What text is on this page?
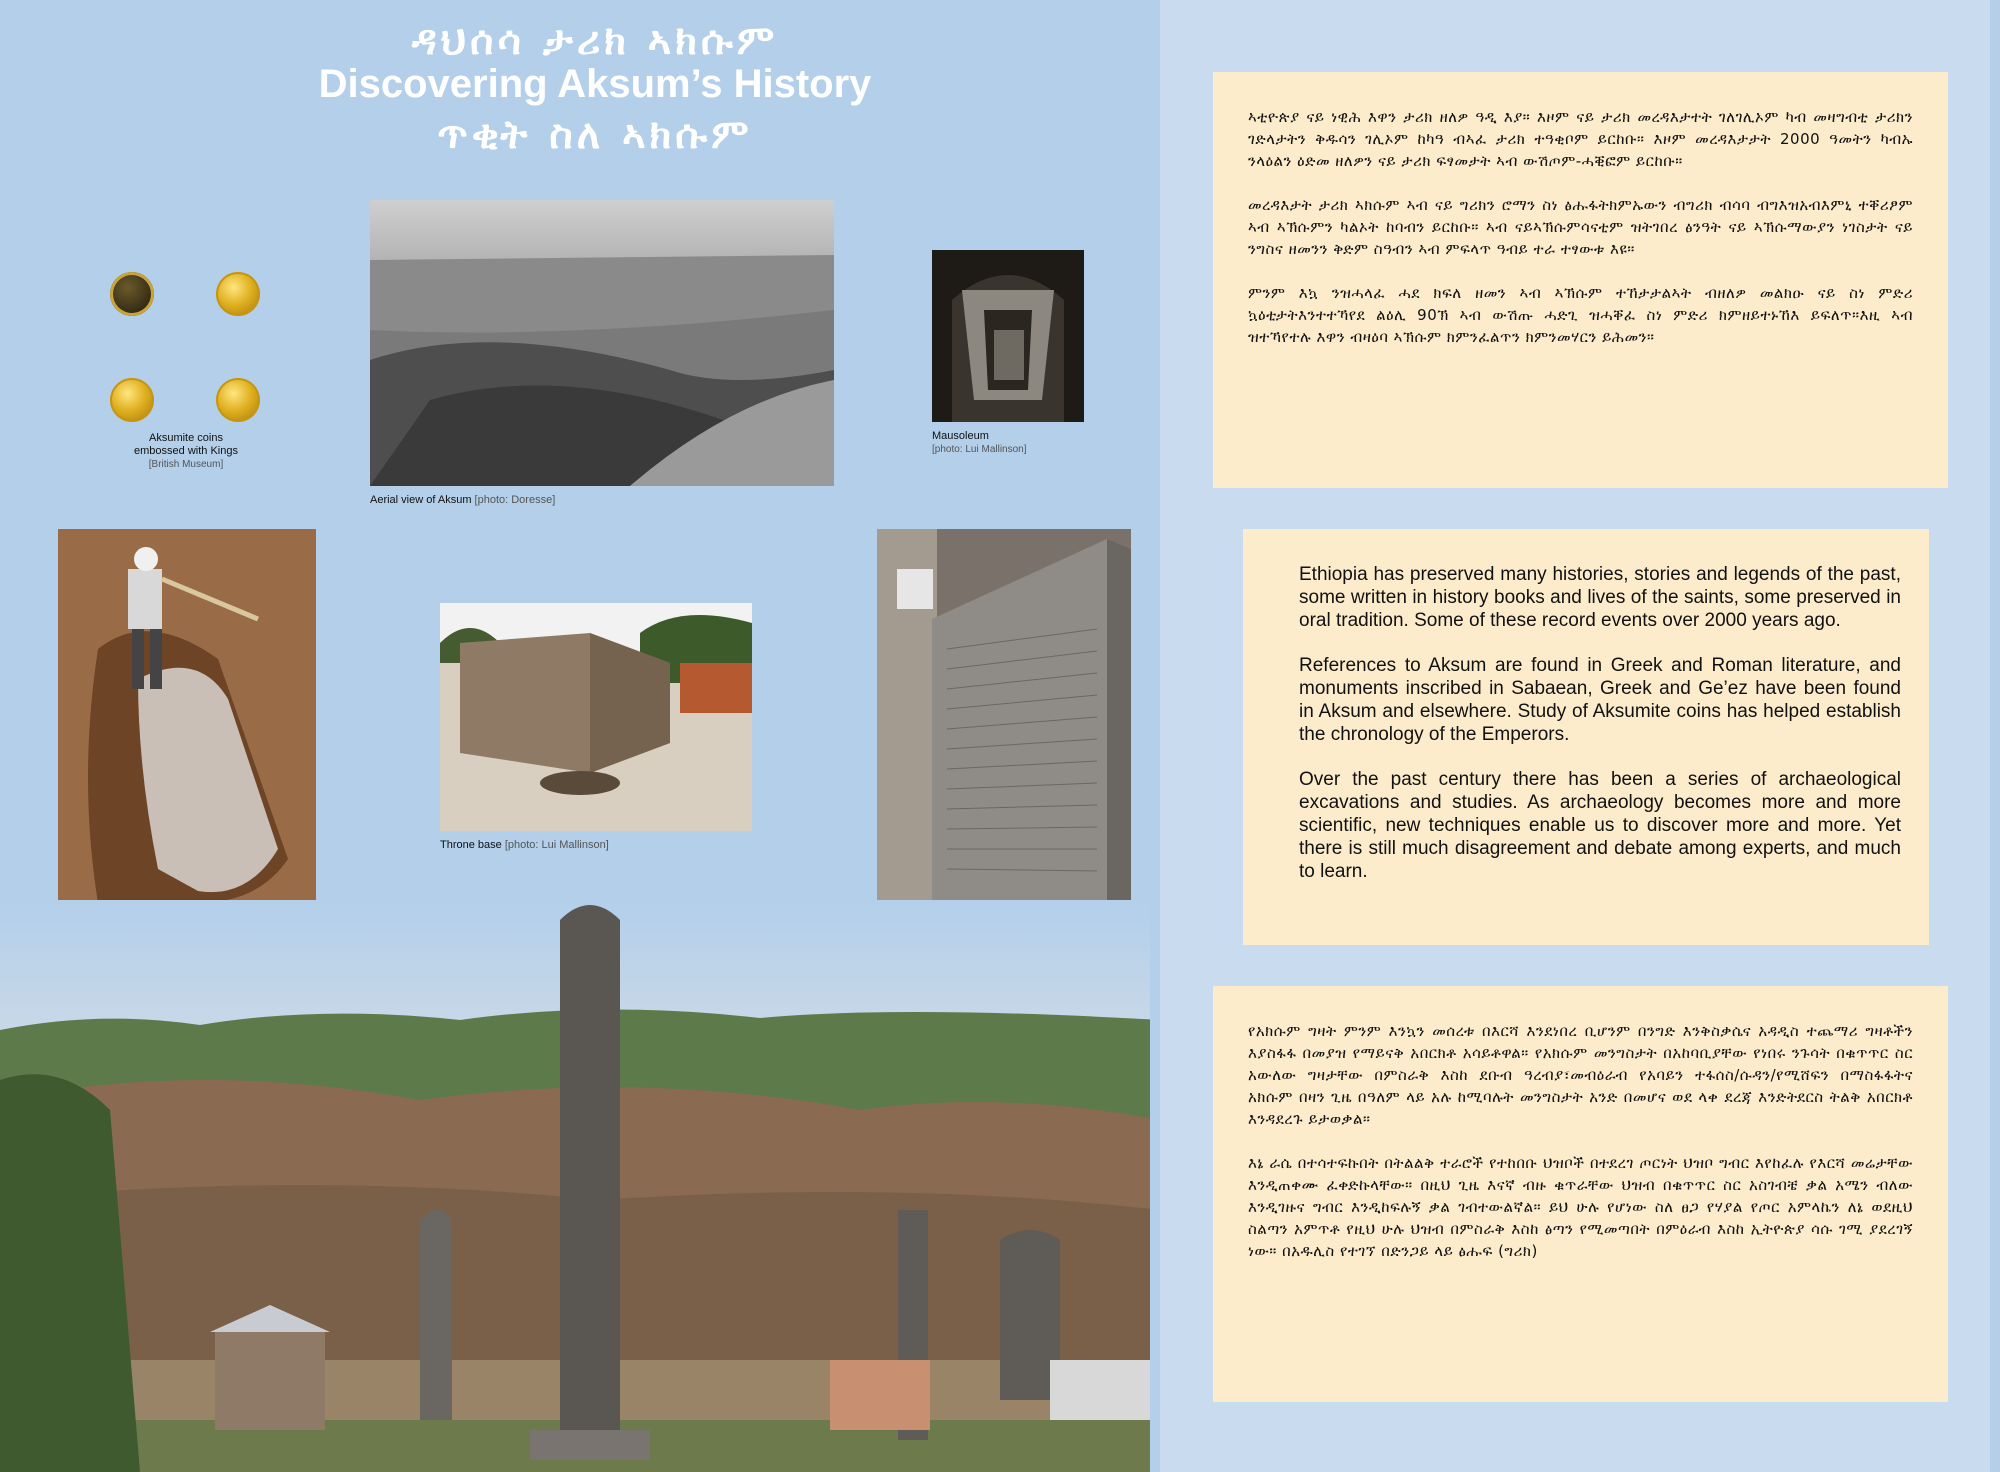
ዳህሰሳ ታሪክ ኣክሱም
Discovering Aksum’s History
ጥቂት ስለ ኣክሱም
Aksumite coins
embossed with Kings
[British Museum]
Aerial view of Aksum [photo: Doresse]
Mausoleum
[photo: Lui Mallinson]
Throne base [photo: Lui Mallinson]

ኣቲዮጵያ ናይ ነዊሕ እዋን ታሪክ ዘለዎ ዓዲ እያ። እዞም ናይ ታሪክ መረዳእታተት ገለገሊኦም ካብ መዛግብቲ ታሪክን ገድላታትን ቅዱሳን ገሊኦም ከካዓ ብኣፈ ታሪክ ተዓቂቦም ይርከቡ። እዞም መረዳእታታት 2000 ዓመትን ካብኡ ንላዕልን ዕድመ ዘለዎን ናይ ታሪክ ፍፃመታት ኣብ ውሽጦም-ሓቒፎም ይርከቡ።

መረዳእታት ታሪክ ኣክሱም ኣብ ናይ ግሪክን ሮማን ስነ ፅሑፋትክምኡውን ብግሪክ ብሳባ ብግእዝአብእምኒ ተቐሪፆም ኣብ ኣኽሱምን ካልኦት ከባብን ይርከቡ። ኣብ ናይኣኽሱምሳናቲም ዝትገበረ ፅንዓት ናይ ኣኽሱማውያን ነገስታት ናይ ንግስና ዘመንን ቅድም ስዓብን ኣብ ምፍላጥ ዓብይ ተራ ተፃውቱ እዩ።

ምንም እኳ ንዝሓላፈ ሓደ ክፍለ ዘመን ኣብ ኣኽሱም ተኸታታልኣት ብዘለዎ መልክዑ ናይ ስነ ምድሪ ኳዕቲታትእንተተኻየደ ልዕሊ 90ኽ ኣብ ውሽጡ ሓድጊ ዝሓቐፈ ስነ ምድሪ ክምዘይተኑኸእ ይፍለጥ።እዚ ኣብ ዝተኻየተሉ እዋን ብዛዕባ ኣኽሱም ክምንፈልጥን ክምንመሃርን ይሕመን።

Ethiopia has preserved many histories, stories and legends of the past, some written in history books and lives of the saints, some preserved in oral tradition. Some of these record events over 2000 years ago.

References to Aksum are found in Greek and Roman literature, and monuments inscribed in Sabaean, Greek and Ge’ez have been found in Aksum and elsewhere. Study of Aksumite coins has helped establish the chronology of the Emperors.

Over the past century there has been a series of archaeological excavations and studies. As archaeology becomes more and more scientific, new techniques enable us to discover more and more. Yet there is still much disagreement and debate among experts, and much to learn.

የአክሱም ግዛት ምንም እንኳን መሰረቱ በእርሻ እንደነበረ ቢሆንም በንግድ እንቅስቃሴና አዳዲስ ተጨማሪ ግዛቶችን እያስፋፋ በመያዝ የማይናቅ አበርክቶ አሳይቶዋል። የአክሱም መንግስታት በአከባቢያቸው የነበሩ ንጉሳት በቁጥጥር ስር አውለው ግዛታቸው በምስራቅ እስከ ደቡብ ዓረብያ፣መብዕራብ የአባይን ተፋሰስ/ሱዳን/የሚሸፍን በማስፋፋትና አክሱም በዛን ጊዜ በዓለም ላይ አሉ ከሚባሉት መንግስታት አንድ በመሆና ወደ ላቀ ደረጃ እንድትደርስ ትልቅ አበርክቶ እንዳደረጉ ይታወቃል።

እኔ ራሴ በተሳተፍኩበት በትልልቅ ተራሮች የተከበቡ ህዝቦች በተደረገ ጦርነት ህዝቦ ግብር እየከፈሉ የእርሻ መሬታቸው እንዲጠቀሙ ፈቀድኩላቸው። በዚህ ጊዜ እናኛ ብዙ ቁጥራቸው ህዝብ በቁጥጥር ስር አስገብቼ ቃል አሜን ብለው እንዲገዙና ግብር እንዲከፍሉኝ ቃል ገብተውልኛል። ይህ ሁሉ የሆነው ስለ ፀጋ የሃያል የጦር አምላኬን ለኔ ወደዚህ ስልጣን አምጥቶ የዚህ ሁሉ ህዝብ በምስራቅ እስከ ፅጣን የሚመጣበት በምዕራብ እስከ ኢትዮጵያ ሳሱ ገሚ ያደረገኝ ነው። በአዱሊስ የተገኘ በድንጋይ ላይ ፅሑፍ (ግሪክ)
